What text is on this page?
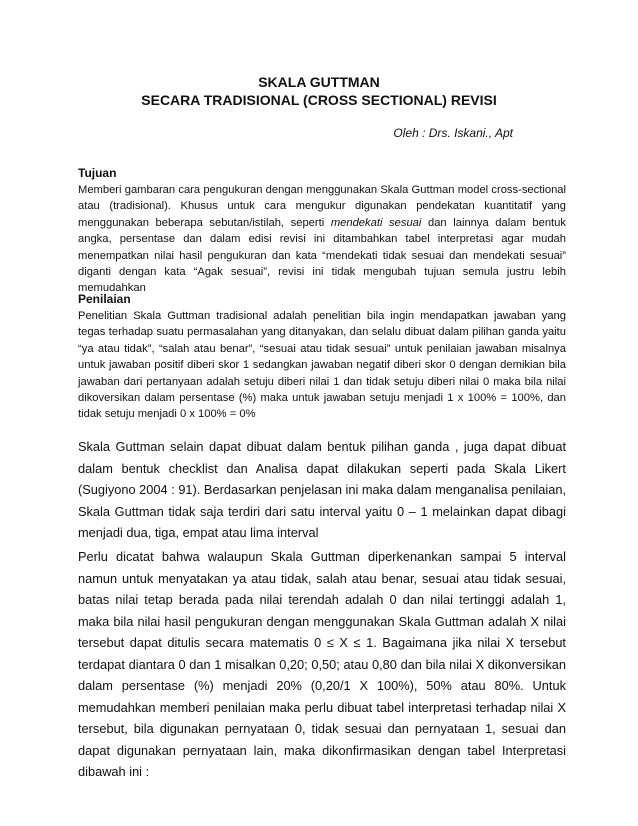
SKALA GUTTMAN
SECARA TRADISIONAL (CROSS SECTIONAL) REVISI
Oleh : Drs. Iskani., Apt
Tujuan
Memberi gambaran cara pengukuran dengan menggunakan Skala Guttman model cross-sectional atau (tradisional). Khusus untuk cara mengukur digunakan pendekatan kuantitatif yang menggunakan beberapa sebutan/istilah, seperti mendekati sesuai dan lainnya dalam bentuk angka, persentase dan dalam edisi revisi ini ditambahkan tabel interpretasi agar mudah menempatkan nilai hasil pengukuran dan kata “mendekati tidak sesuai dan mendekati sesuai” diganti dengan kata “Agak sesuai”, revisi ini tidak mengubah tujuan semula justru lebih memudahkan
Penilaian
Penelitian Skala Guttman tradisional adalah penelitian bila ingin mendapatkan jawaban yang tegas terhadap suatu permasalahan yang ditanyakan, dan selalu dibuat dalam pilihan ganda yaitu “ya atau tidak”, “salah atau benar”, “sesuai atau tidak sesuai” untuk penilaian jawaban misalnya untuk jawaban positif diberi skor 1 sedangkan jawaban negatif diberi skor 0 dengan demikian bila jawaban dari pertanyaan adalah setuju diberi nilai 1 dan tidak setuju diberi nilai 0 maka bila nilai dikoversikan dalam persentase (%) maka untuk jawaban setuju menjadi 1 x 100% = 100%, dan tidak setuju menjadi 0 x 100% = 0%
Skala Guttman selain dapat dibuat dalam bentuk pilihan ganda , juga dapat dibuat dalam bentuk checklist dan Analisa dapat dilakukan seperti pada Skala Likert (Sugiyono 2004 : 91). Berdasarkan penjelasan ini maka dalam menganalisa penilaian, Skala Guttman tidak saja terdiri dari satu interval yaitu 0 – 1 melainkan dapat dibagi menjadi dua, tiga, empat atau lima interval
Perlu dicatat bahwa walaupun Skala Guttman diperkenankan sampai 5 interval namun untuk menyatakan ya atau tidak, salah atau benar, sesuai atau tidak sesuai, batas nilai tetap berada pada nilai terendah adalah 0 dan nilai tertinggi adalah 1, maka bila nilai hasil pengukuran dengan menggunakan Skala Guttman adalah X nilai tersebut dapat ditulis secara matematis 0 ≤ X ≤ 1. Bagaimana jika nilai X tersebut terdapat diantara 0 dan 1 misalkan 0,20; 0,50; atau 0,80 dan bila nilai X dikonversikan dalam persentase (%) menjadi 20% (0,20/1 X 100%), 50% atau 80%. Untuk memudahkan memberi penilaian maka perlu dibuat tabel interpretasi terhadap nilai X tersebut, bila digunakan pernyataan 0, tidak sesuai dan pernyataan 1, sesuai dan dapat digunakan pernyataan lain, maka dikonfirmasikan dengan tabel Interpretasi dibawah ini :
